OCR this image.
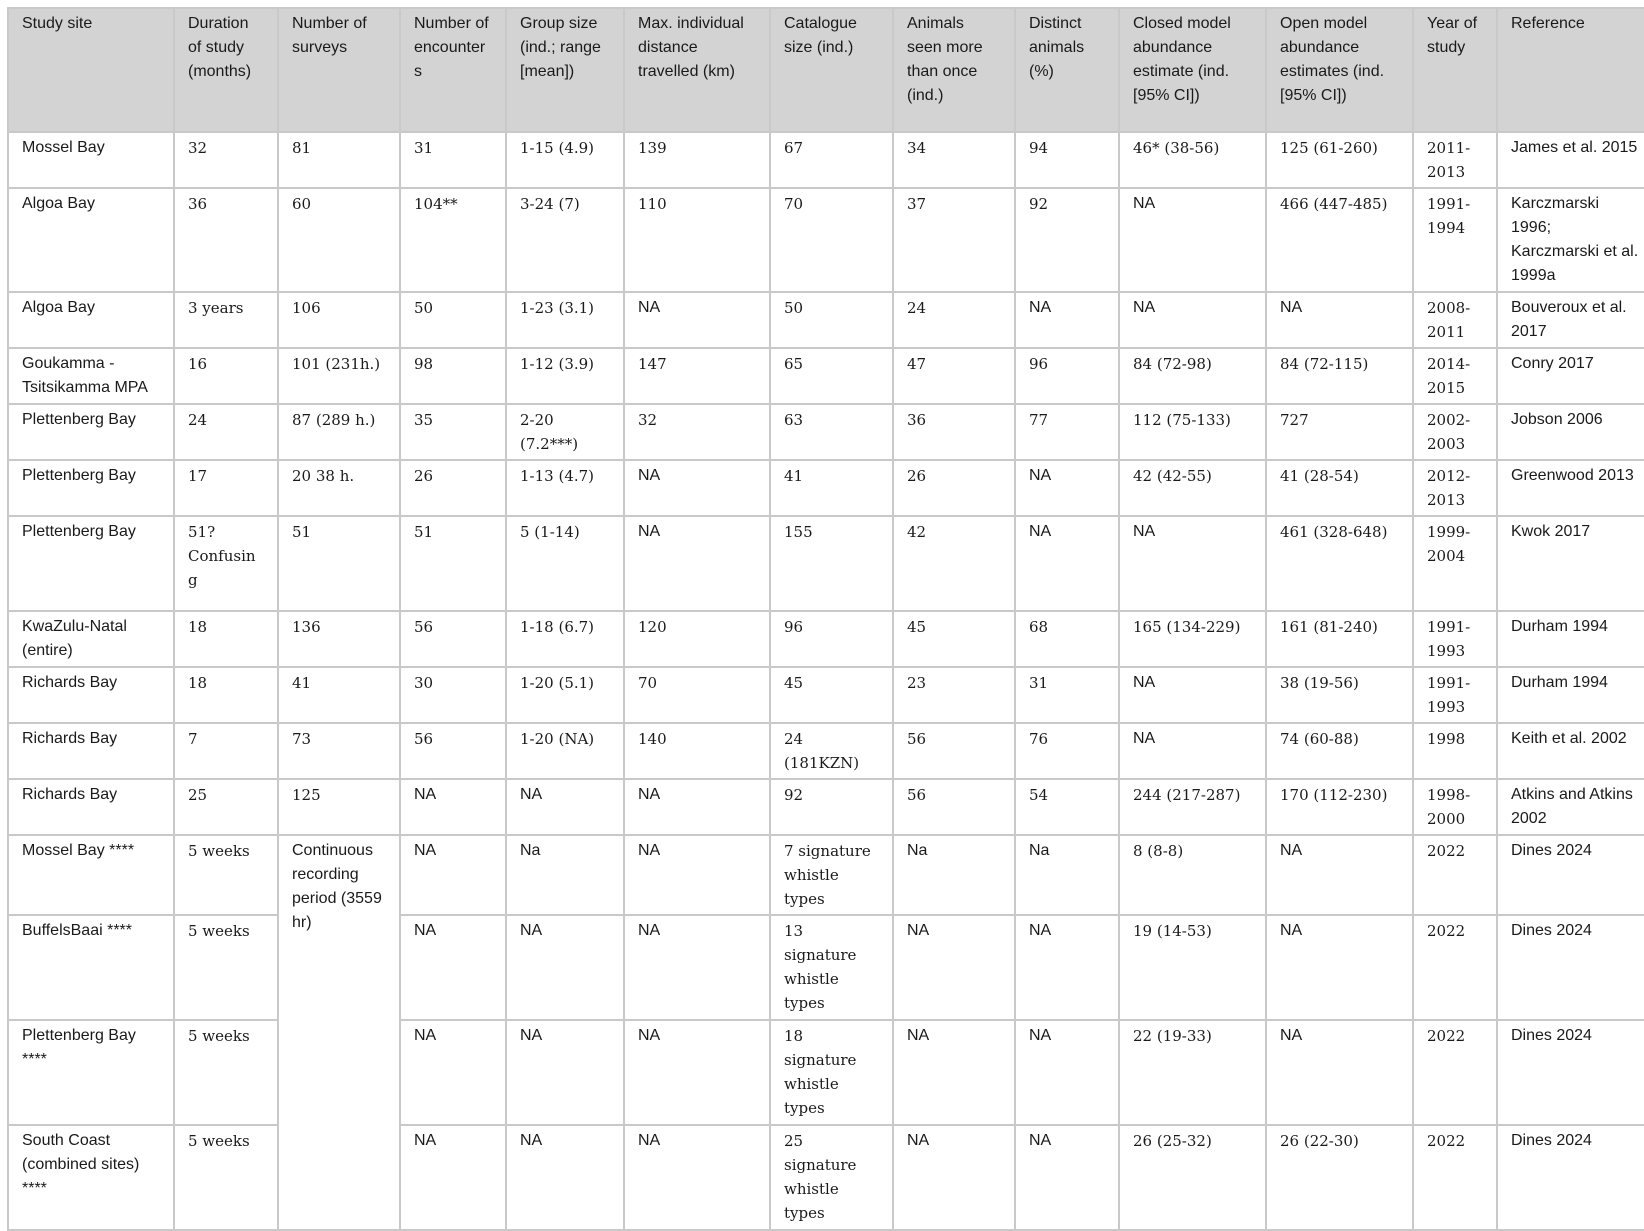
Study site	Duration of study (months)	Number of surveys	Number of encounters	Group size (ind.; range [mean])	Max. individual distance travelled (km)	Catalogue size (ind.)	Animals seen more than once (ind.)	Distinct animals (%)	Closed model abundance estimate (ind. [95% CI])	Open model abundance estimates (ind. [95% CI])	Year of study	Reference
Mossel Bay	32	81	31	1-15 (4.9)	139	67	34	94	46* (38-56)	125 (61-260)	2011-2013	James et al. 2015
Algoa Bay	36	60	104**	3-24 (7)	110	70	37	92	NA	466 (447-485)	1991-1994	Karczmarski 1996; Karczmarski et al. 1999a
Algoa Bay	3 years	106	50	1-23 (3.1)	NA	50	24	NA	NA	NA	2008-2011	Bouveroux et al. 2017
Goukamma - Tsitsikamma MPA	16	101 (231h.)	98	1-12 (3.9)	147	65	47	96	84 (72-98)	84 (72-115)	2014-2015	Conry 2017
Plettenberg Bay	24	87 (289 h.)	35	2-20 (7.2***)	32	63	36	77	112 (75-133)	727	2002-2003	Jobson 2006
Plettenberg Bay	17	20 38 h.	26	1-13 (4.7)	NA	41	26	NA	42 (42-55)	41 (28-54)	2012-2013	Greenwood 2013
Plettenberg Bay	51? Confusing	51	51	5 (1-14)	NA	155	42	NA	NA	461 (328-648)	1999-2004	Kwok 2017
KwaZulu-Natal (entire)	18	136	56	1-18 (6.7)	120	96	45	68	165 (134-229)	161 (81-240)	1991-1993	Durham 1994
Richards Bay	18	41	30	1-20 (5.1)	70	45	23	31	NA	38 (19-56)	1991-1993	Durham 1994
Richards Bay	7	73	56	1-20 (NA)	140	24 (181KZN)	56	76	NA	74 (60-88)	1998	Keith et al. 2002
Richards Bay	25	125	NA	NA	NA	92	56	54	244 (217-287)	170 (112-230)	1998-2000	Atkins and Atkins 2002
Mossel Bay ****	5 weeks	Continuous recording period (3559 hr)	NA	Na	NA	7 signature whistle types	Na	Na	8 (8-8)	NA	2022	Dines 2024
BuffelsBaai ****	5 weeks		NA	NA	NA	13 signature whistle types	NA	NA	19 (14-53)	NA	2022	Dines 2024
Plettenberg Bay ****	5 weeks		NA	NA	NA	18 signature whistle types	NA	NA	22 (19-33)	NA	2022	Dines 2024
South Coast (combined sites) ****	5 weeks		NA	NA	NA	25 signature whistle types	NA	NA	26 (25-32)	26 (22-30)	2022	Dines 2024
